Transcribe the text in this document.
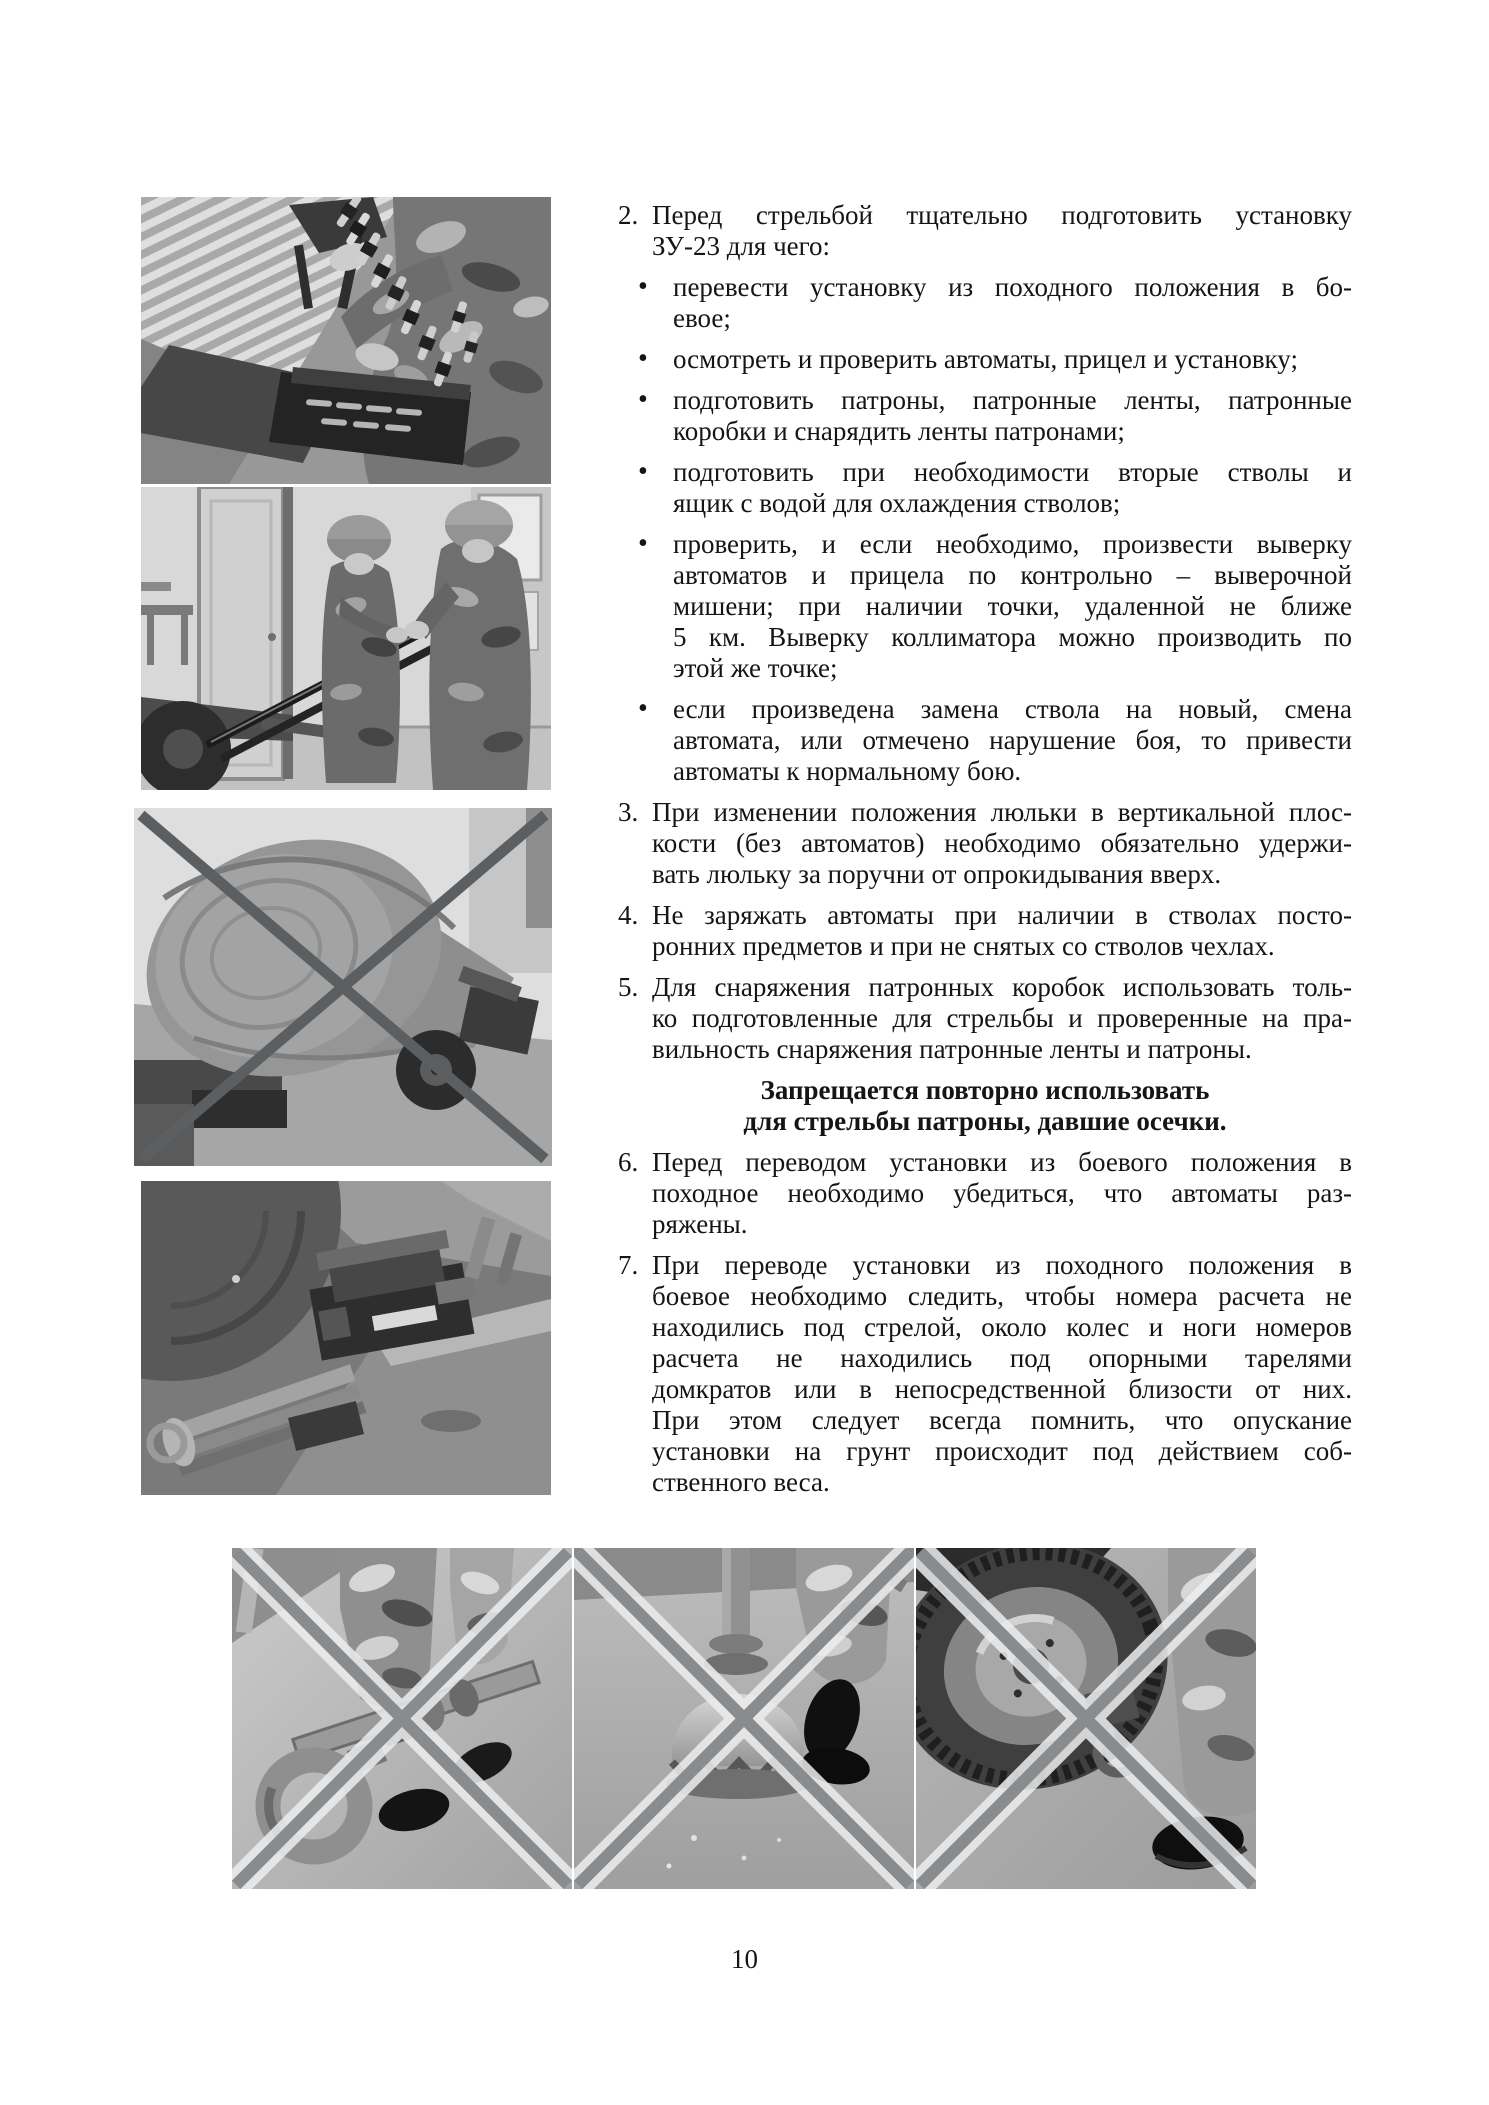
2. Перед стрельбой тщательно подготовить установку
ЗУ-23 для чего:
• перевести установку из походного положения в бо-
евое;
• осмотреть и проверить автоматы, прицел и установку;
• подготовить патроны, патронные ленты, патронные
коробки и снарядить ленты патронами;
• подготовить при необходимости вторые стволы и
ящик с водой для охлаждения стволов;
• проверить, и если необходимо, произвести выверку
автоматов и прицела по контрольно – выверочной
мишени; при наличии точки, удаленной не ближе
5 км. Выверку коллиматора можно производить по
этой же точке;
• если произведена замена ствола на новый, смена
автомата, или отмечено нарушение боя, то привести
автоматы к нормальному бою.
3. При изменении положения люльки в вертикальной плос-
кости (без автоматов) необходимо обязательно удержи-
вать люльку за поручни от опрокидывания вверх.
4. Не заряжать автоматы при наличии в стволах посто-
ронних предметов и при не снятых со стволов чехлах.
5. Для снаряжения патронных коробок использовать толь-
ко подготовленные для стрельбы и проверенные на пра-
вильность снаряжения патронные ленты и патроны.
Запрещается повторно использовать
для стрельбы патроны, давшие осечки.
6. Перед переводом установки из боевого положения в
походное необходимо убедиться, что автоматы раз-
ряжены.
7. При переводе установки из походного положения в
боевое необходимо следить, чтобы номера расчета не
находились под стрелой, около колес и ноги номеров
расчета не находились под опорными тарелями
домкратов или в непосредственной близости от них.
При этом следует всегда помнить, что опускание
установки на грунт происходит под действием соб-
ственного веса.
10
